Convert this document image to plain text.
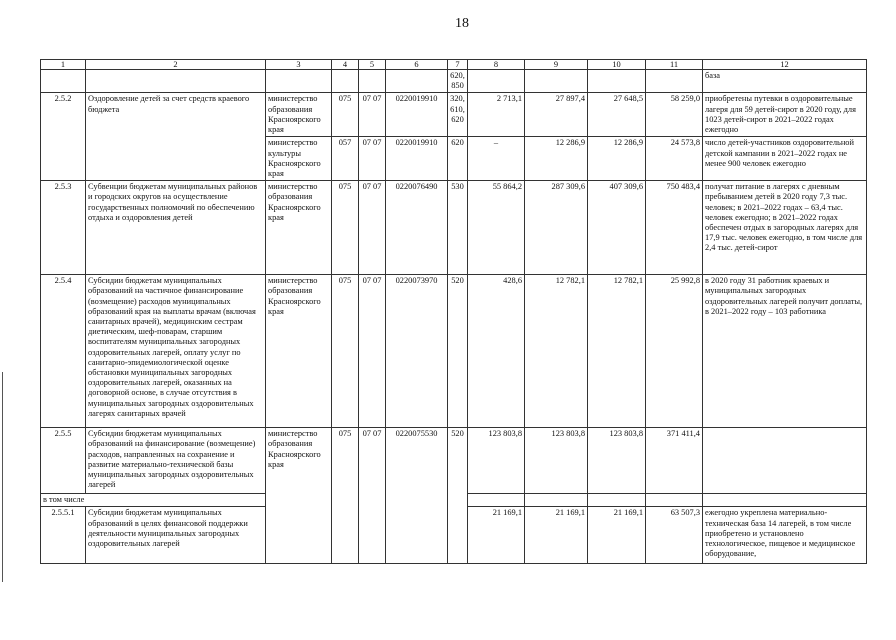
18
1	2	3	4	5	6	7	8	9	10	11	12
						620, 850					база
2.5.2	Оздоровление детей за счет средств краевого бюджета	министерство образования Красноярского края	075	07 07	0220019910	320, 610, 620	2 713,1	27 897,4	27 648,5	58 259,0	приобретены путевки в оздоровительные лагеря для 59 детей-сирот в 2020 году, для 1023 детей-сирот в 2021–2022 годах ежегодно
		министерство культуры Красноярского края	057	07 07	0220019910	620	–	12 286,9	12 286,9	24 573,8	число детей-участников оздоровительной детской кампании в 2021–2022 годах не менее 900 человек ежегодно
2.5.3	Субвенции бюджетам муниципальных районов и городских округов на осуществление государственных полномочий по обеспечению отдыха и оздоровления детей	министерство образования Красноярского края	075	07 07	0220076490	530	55 864,2	287 309,6	407 309,6	750 483,4	получат питание в лагерях с дневным пребыванием детей в 2020 году 7,3 тыс. человек; в 2021–2022 годах – 63,4 тыс. человек ежегодно; в 2021–2022 годах обеспечен отдых в загородных лагерях для 17,9 тыс. человек ежегодно, в том числе для 2,4 тыс. детей-сирот
2.5.4	Субсидии бюджетам муниципальных образований на частичное финансирование (возмещение) расходов муниципальных образований края на выплаты врачам (включая санитарных врачей), медицинским сестрам диетическим, шеф-поварам, старшим воспитателям муниципальных загородных оздоровительных лагерей, оплату услуг по санитарно-эпидемиологической оценке обстановки муниципальных загородных оздоровительных лагерей, оказанных на договорной основе, в случае отсутствия в муниципальных загородных оздоровительных лагерях санитарных врачей	министерство образования Красноярского края	075	07 07	0220073970	520	428,6	12 782,1	12 782,1	25 992,8	в 2020 году 31 работник краевых и муниципальных загородных оздоровительных лагерей получит доплаты, в 2021–2022 году – 103 работника
2.5.5	Субсидии бюджетам муниципальных образований на финансирование (возмещение) расходов, направленных на сохранение и развитие материально-технической базы муниципальных загородных оздоровительных лагерей	министерство образования Красноярского края	075	07 07	0220075530	520	123 803,8	123 803,8	123 803,8	371 411,4	
в том числе											
2.5.5.1	Субсидии бюджетам муниципальных образований в целях финансовой поддержки деятельности муниципальных загородных оздоровительных лагерей						21 169,1	21 169,1	21 169,1	63 507,3	ежегодно укреплена материально-техническая база 14 лагерей, в том числе приобретено и установлено технологическое, пищевое и медицинское оборудование,
